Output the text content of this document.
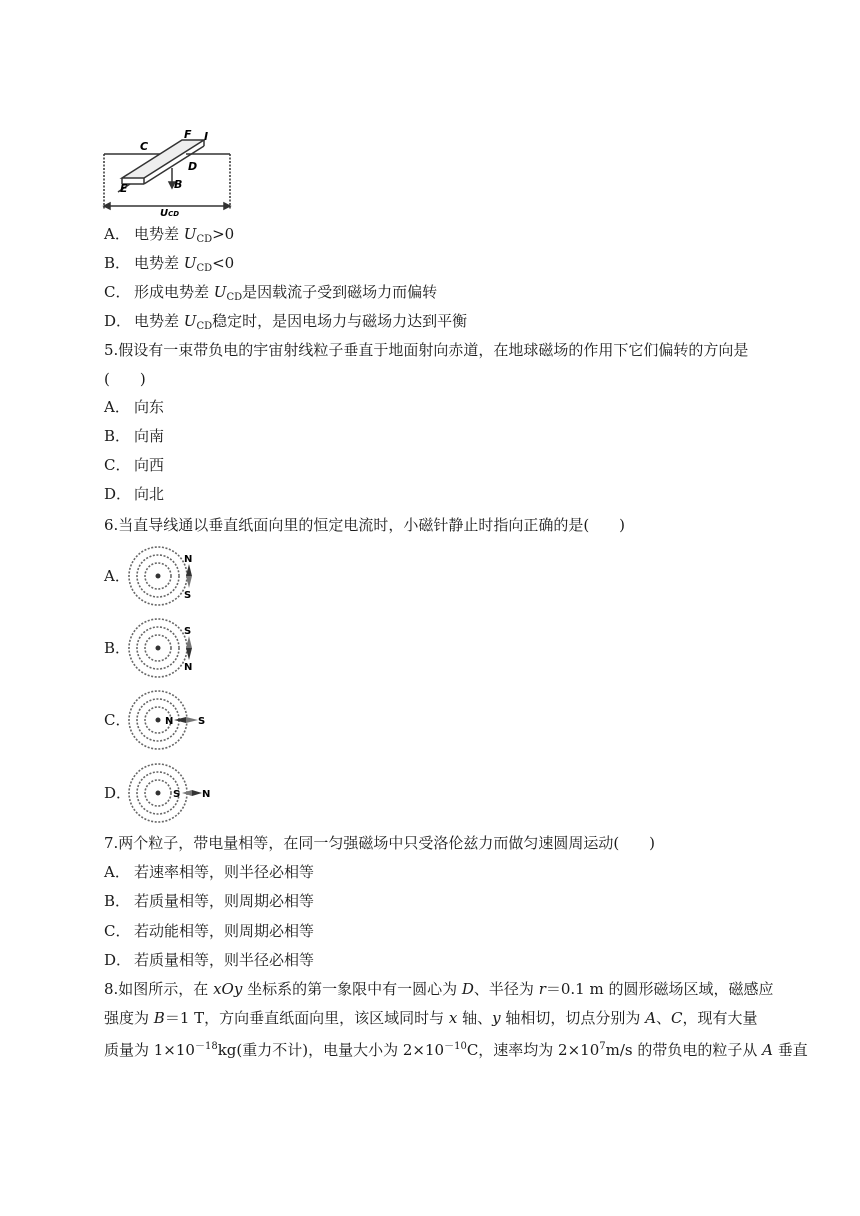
C
F I
D
E	B
UCD
A． 电势差 $U_{CD}>0$
B． 电势差 $U_{CD}<0$
C． 形成电势差 $U_{CD}$是因载流子受到磁场力而偏转
D． 电势差 $U_{CD}$稳定时，是因电场力与磁场力达到平衡
5.假设有一束带负电的宇宙射线粒子垂直于地面射向赤道，在地球磁场的作用下它们偏转的方向是
(　　)
A． 向东
B． 向南
C． 向西
D． 向北
6.当直导线通以垂直纸面向里的恒定电流时，小磁针静止时指向正确的是(　　)
A．
N
S
B．
S
N
C．	N S
D．	S N
7.两个粒子，带电量相等，在同一匀强磁场中只受洛伦兹力而做匀速圆周运动(　　)
A． 若速率相等，则半径必相等
B． 若质量相等，则周期必相等
C． 若动能相等，则周期必相等
D． 若质量相等，则半径必相等
8.如图所示，在 xOy 坐标系的第一象限中有一圆心为 D、半径为 r＝0.1 m 的圆形磁场区域，磁感应
强度为 B＝1 T，方向垂直纸面向里，该区域同时与 x 轴、y 轴相切，切点分别为 A、C，现有大量
质量为 $1\times 10^{-18}kg$(重力不计)，电量大小为 $2\times 10^{-10}C$，速率均为 $2\times 10^7m/s$ 的带负电的粒子从 A 垂直
